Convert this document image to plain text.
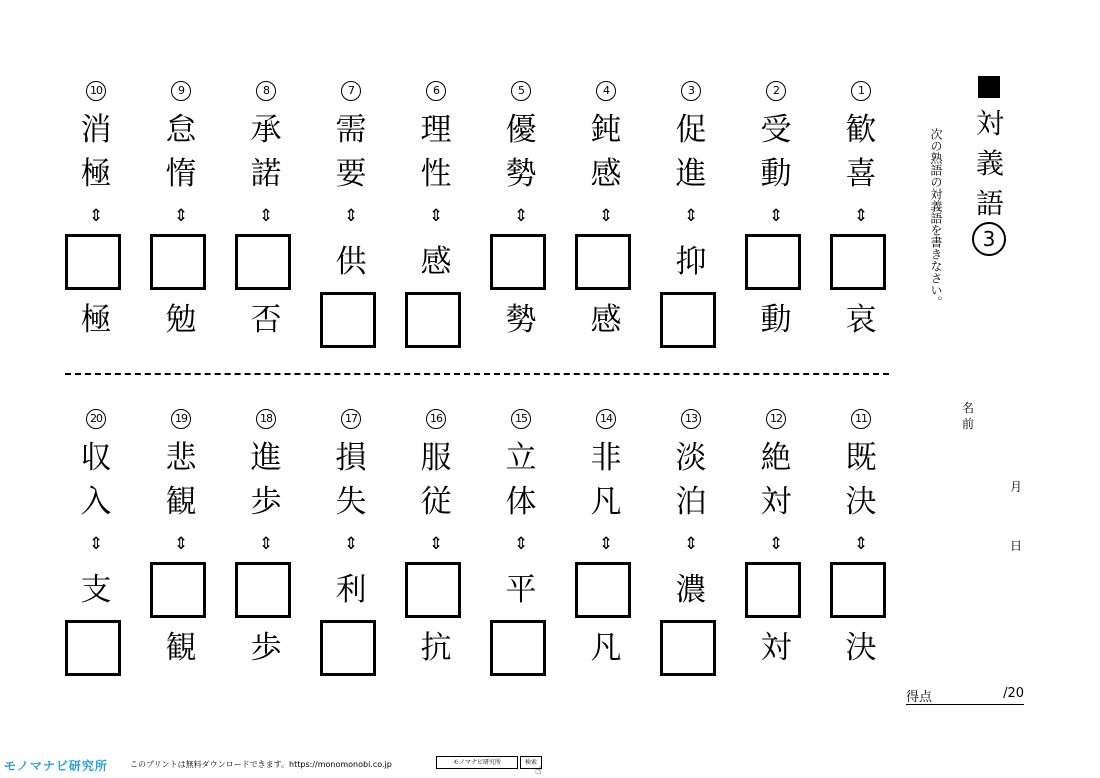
10
消
極
⇕
極
9
怠
惰
⇕
勉
8
承
諾
⇕
否
7
需
要
⇕
供
6
理
性
⇕
感
5
優
勢
⇕
勢
4
鈍
感
⇕
感
3
促
進
⇕
抑
2
受
動
⇕
動
1
歓
喜
⇕
哀
20
収
入
⇕
支
19
悲
観
⇕
観
18
進
歩
⇕
歩
17
損
失
⇕
利
16
服
従
⇕
抗
15
立
体
⇕
平
14
非
凡
⇕
凡
13
淡
泊
⇕
濃
12
絶
対
⇕
対
11
既
決
⇕
決
対
義
語
3
次の熟語の対義語を書きなさい。
名前
月
日
得点	/20
モノマナビ研究所	このプリントは無料ダウンロードできます。https://monomonobi.co.jp	モノマナビ研究所	検索
☝
